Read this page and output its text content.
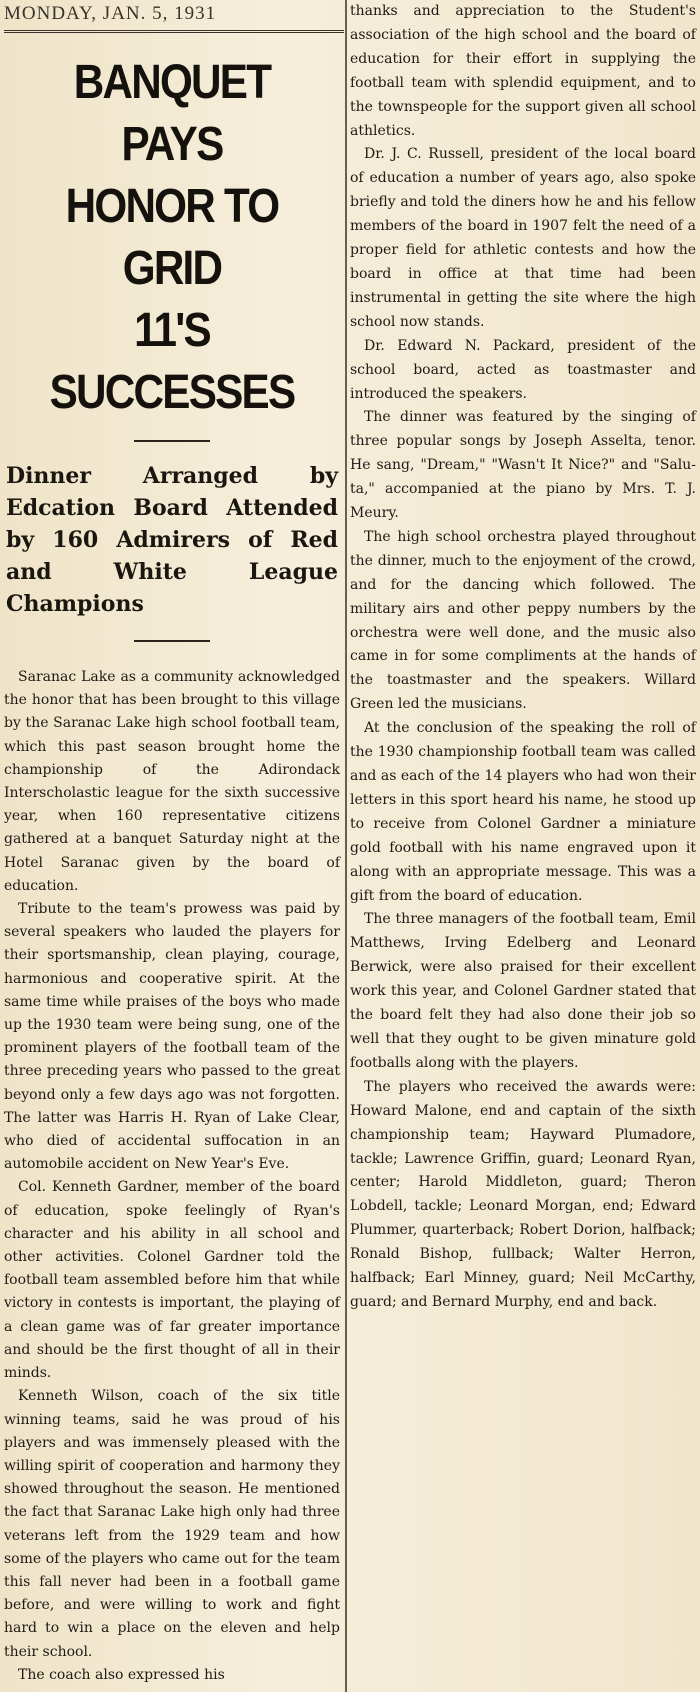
MONDAY, JAN. 5, 1931
BANQUET PAYS
HONOR TO GRID
11'S SUCCESSES
Dinner Arranged by Edcation Board Attended by 160 Admirers of Red and White League Champions

Saranac Lake as a community acknowledged the honor that has been brought to this village by the Saranac Lake high school football team, which this past season brought home the championship of the Adirondack Interscholastic league for the sixth successive year, when 160 representative citizens gathered at a banquet Saturday night at the Hotel Saranac given by the board of education.

Tribute to the team's prowess was paid by several speakers who lauded the players for their sportsmanship, clean playing, courage, harmonious and cooperative spirit. At the same time while praises of the boys who made up the 1930 team were being sung, one of the prominent players of the football team of the three preceding years who passed to the great beyond only a few days ago was not forgotten. The latter was Harris H. Ryan of Lake Clear, who died of accidental suffocation in an automobile accident on New Year's Eve.

Col. Kenneth Gardner, member of the board of education, spoke feelingly of Ryan's character and his ability in all school and other activities. Colonel Gardner told the football team assembled before him that while victory in contests is important, the playing of a clean game was of far greater importance and should be the first thought of all in their minds.

Kenneth Wilson, coach of the six title winning teams, said he was proud of his players and was immensely pleased with the willing spirit of cooperation and harmony they showed throughout the season. He mentioned the fact that Saranac Lake high only had three veterans left from the 1929 team and how some of the players who came out for the team this fall never had been in a football game before, and were willing to work and fight hard to win a place on the eleven and help their school.

The coach also expressed his

thanks and appreciation to the Student's association of the high school and the board of education for their effort in supplying the football team with splendid equipment, and to the townspeople for the support given all school athletics.

Dr. J. C. Russell, president of the local board of education a number of years ago, also spoke briefly and told the diners how he and his fellow members of the board in 1907 felt the need of a proper field for athletic contests and how the board in office at that time had been instrumental in getting the site where the high school now stands.

Dr. Edward N. Packard, president of the school board, acted as toastmaster and introduced the speakers.

The dinner was featured by the singing of three popular songs by Joseph Asselta, tenor. He sang, "Dream," "Wasn't It Nice?" and "Salu-ta," accompanied at the piano by Mrs. T. J. Meury.

The high school orchestra played throughout the dinner, much to the enjoyment of the crowd, and for the dancing which followed. The military airs and other peppy numbers by the orchestra were well done, and the music also came in for some compliments at the hands of the toastmaster and the speakers. Willard Green led the musicians.

At the conclusion of the speaking the roll of the 1930 championship football team was called and as each of the 14 players who had won their letters in this sport heard his name, he stood up to receive from Colonel Gardner a miniature gold football with his name engraved upon it along with an appropriate message. This was a gift from the board of education.

The three managers of the football team, Emil Matthews, Irving Edelberg and Leonard Berwick, were also praised for their excellent work this year, and Colonel Gardner stated that the board felt they had also done their job so well that they ought to be given minature gold footballs along with the players.

The players who received the awards were: Howard Malone, end and captain of the sixth championship team; Hayward Plumadore, tackle; Lawrence Griffin, guard; Leonard Ryan, center; Harold Middleton, guard; Theron Lobdell, tackle; Leonard Morgan, end; Edward Plummer, quarterback; Robert Dorion, halfback; Ronald Bishop, fullback; Walter Herron, halfback; Earl Minney, guard; Neil McCarthy, guard; and Bernard Murphy, end and back.
